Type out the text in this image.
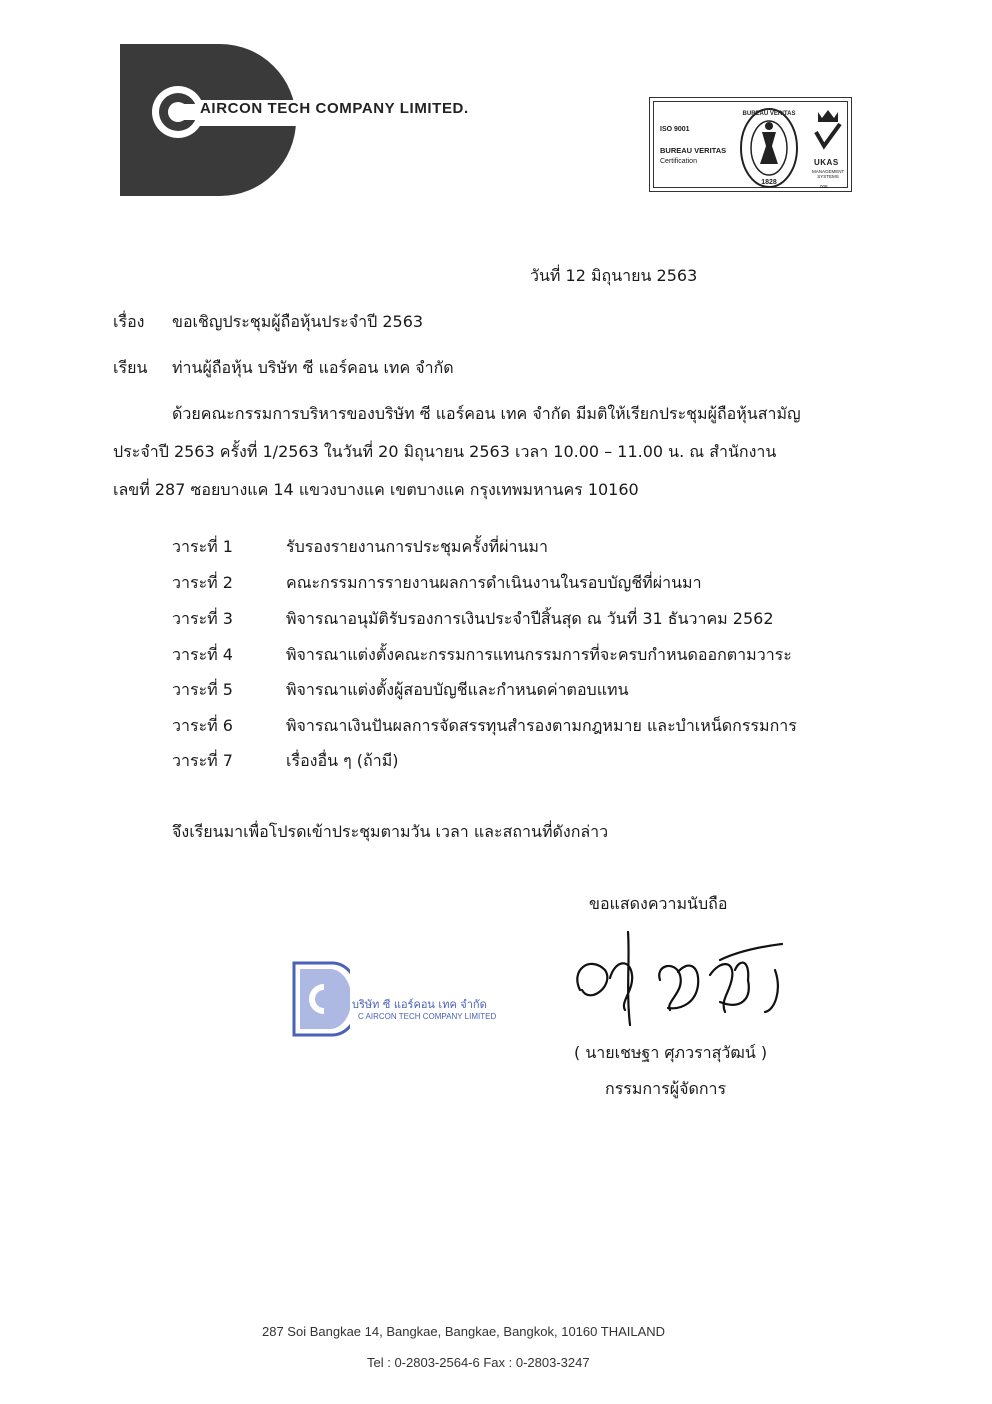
AIRCON TECH COMPANY LIMITED.
ISO 9001
BUREAU VERITAS
Certification
BUREAU VERITAS
1828
UKAS
MANAGEMENT SYSTEMS
008
วันที่ 12 มิถุนายน 2563
เรื่อง ขอเชิญประชุมผู้ถือหุ้นประจำปี 2563
เรียน ท่านผู้ถือหุ้น บริษัท ซี แอร์คอน เทค จำกัด
ด้วยคณะกรรมการบริหารของบริษัท ซี แอร์คอน เทค จำกัด มีมติให้เรียกประชุมผู้ถือหุ้นสามัญ
ประจำปี 2563 ครั้งที่ 1/2563 ในวันที่ 20 มิถุนายน 2563 เวลา 10.00 – 11.00 น. ณ สำนักงาน
เลขที่ 287 ซอยบางแค 14 แขวงบางแค เขตบางแค กรุงเทพมหานคร 10160
วาระที่ 1	รับรองรายงานการประชุมครั้งที่ผ่านมา
วาระที่ 2	คณะกรรมการรายงานผลการดำเนินงานในรอบบัญชีที่ผ่านมา
วาระที่ 3	พิจารณาอนุมัติรับรองการเงินประจำปีสิ้นสุด ณ วันที่ 31 ธันวาคม 2562
วาระที่ 4	พิจารณาแต่งตั้งคณะกรรมการแทนกรรมการที่จะครบกำหนดออกตามวาระ
วาระที่ 5	พิจารณาแต่งตั้งผู้สอบบัญชีและกำหนดค่าตอบแทน
วาระที่ 6	พิจารณาเงินปันผลการจัดสรรทุนสำรองตามกฎหมาย และบำเหน็ดกรรมการ
วาระที่ 7	เรื่องอื่น ๆ (ถ้ามี)
จึงเรียนมาเพื่อโปรดเข้าประชุมตามวัน เวลา และสถานที่ดังกล่าว
ขอแสดงความนับถือ
บริษัท ซี แอร์คอน เทค จำกัด
C AIRCON TECH COMPANY LIMITED
( นายเชษฐา ศุภวราสุวัฒน์ )
กรรมการผู้จัดการ
287 Soi Bangkae 14, Bangkae, Bangkae, Bangkok, 10160 THAILAND
Tel : 0-2803-2564-6 Fax : 0-2803-3247
